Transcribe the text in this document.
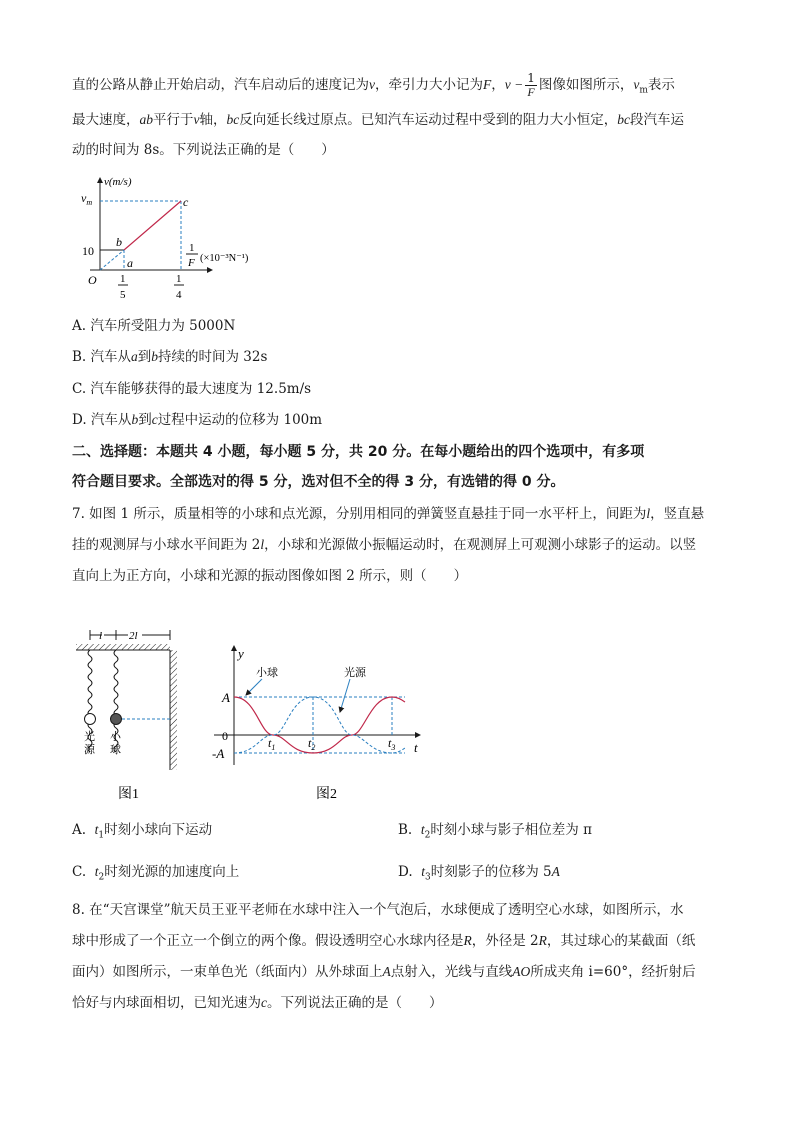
直的公路从静止开始启动，汽车启动后的速度记为v，牵引力大小记为F，$v - \frac{1}{F}$ 图像如图所示，$v_m$表示
最大速度，ab平行于v轴，bc反向延长线过原点。已知汽车运动过程中受到的阻力大小恒定，bc段汽车运
动的时间为 8s。下列说法正确的是（　　）
v(m/s)
$v_m$
10
O
b
a
c
1
5
1
4
1
F (×10⁻³N⁻¹)
A. 汽车所受阻力为 5000N
B. 汽车从a到b持续的时间为 32s
C. 汽车能够获得的最大速度为 12.5m/s
D. 汽车从b到c过程中运动的位移为 100m
二、选择题：本题共 4 小题，每小题 5 分，共 20 分。在每小题给出的四个选项中，有多项
符合题目要求。全部选对的得 5 分，选对但不全的得 3 分，有选错的得 0 分。
7. 如图 1 所示，质量相等的小球和点光源，分别用相同的弹簧竖直悬挂于同一水平杆上，间距为l，竖直悬
挂的观测屏与小球水平间距为 2l，小球和光源做小振幅运动时，在观测屏上可观测小球影子的运动。以竖
直向上为正方向，小球和光源的振动图像如图 2 所示，则（　　）
l 2l
光
源
小
球
图1
y
t
A
-A
0
小球	光源
$t_1$	$t_2$	$t_3$
图2
A. $t_1$时刻小球向下运动	B. $t_2$时刻小球与影子相位差为 π
C. $t_2$时刻光源的加速度向上	D. $t_3$时刻影子的位移为 5A
8. 在“天宫课堂”航天员王亚平老师在水球中注入一个气泡后，水球便成了透明空心水球，如图所示，水
球中形成了一个正立一个倒立的两个像。假设透明空心水球内径是R，外径是 2R，其过球心的某截面（纸
面内）如图所示，一束单色光（纸面内）从外球面上A点射入，光线与直线AO所成夹角 i=60°，经折射后
恰好与内球面相切，已知光速为c。下列说法正确的是（　　）
